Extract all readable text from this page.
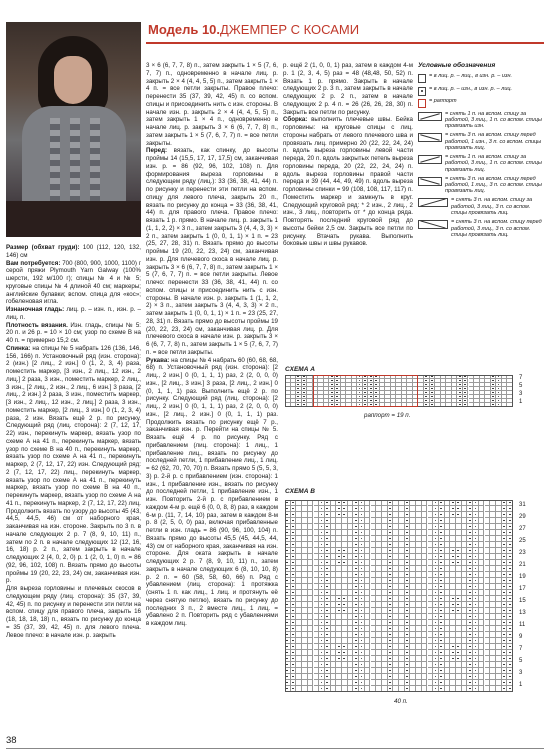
Модель 10. ДЖЕМПЕР С КОСАМИ

Размер (обхват груди): 100 (112, 120, 132, 146) см

Вам потребуется: 700 (800, 900, 1000, 1100) г серой пряжи Plymouth Yarn Galway (100% шерсти, 192 м/100 г); спицы № 4 и № 5; круговые спицы № 4 длиной 40 см; маркеры; английские булавки; вспом. спица для «кос»; гобеленовая игла.

Изнаночная гладь: лиц. р. – изн. п., изн. р. – лиц. п.

Плотность вязания. Изн. гладь, спицы № 5: 20 п. и 26 р. = 10 × 10 см; узор по схеме В на 40 п. = примерно 15,2 см.

Спинка: на спицы № 5 набрать 126 (136, 146, 156, 166) п. Установочный ряд (изн. сторона): 2 (изн.) [2 лиц., 2 изн.] 0 (1, 2, 3, 4) раза, поместить маркер, [3 изн., 2 лиц., 12 изн., 2 лиц.] 2 раза, 3 изн., поместить маркер, 2 лиц., 3 изн., [2 лиц., 2 изн., 2 лиц., 6 изн.] 3 раза, [2 лиц., 2 изн.] 2 раза, 3 изн., поместить маркер, [3 изн., 2 лиц., 12 изн., 2 лиц.] 2 раза, 3 изн., поместить маркер, [2 лиц., 3 изн.] 0 (1, 2, 3, 4) раза, 2 изн. Вязать ещё 2 р. по рисунку. Следующий ряд (лиц. сторона): 2 (7, 12, 17, 22) изн., перекинуть маркер, вязать узор по схеме А на 41 п., перекинуть маркер, вязать узор по схеме В на 40 п., перекинуть маркер, вязать узор по схеме А на 41 п., перекинуть маркер, 2 (7, 12, 17, 22) изн. Следующий ряд: 2 (7, 12, 17, 22) лиц., перекинуть маркер, вязать узор по схеме А на 41 п., перекинуть маркер, вязать узор по схеме В на 40 п., перекинуть маркер, вязать узор по схеме А на 41 п., перекинуть маркер, 2 (7, 12, 17, 22) лиц. Продолжить вязать по узору до высоты 45 (43, 44,5, 44,5, 46) см от наборного края, заканчивая на изн. стороне. Закрыть по 3 п. в начале следующих 2 р. 7 (8, 9, 10, 11) п., затем по 2 п. в начале следующих 12 (12, 16, 16, 18) р. 2 п., затем закрыть в начале следующих 2 (4, 0, 2, 0) р. 1 (2, 0, 1, 0) п. = 86 (92, 96, 102, 108) п. Вязать прямо до высоты проймы 19 (20, 22, 23, 24) см, заканчивая изн. р.

Для выреза горловины и плечевых скосов в следующем ряду (лиц. сторона): 35 (37, 39, 42, 45) п. по рисунку и перенести эти петли на вспом. спицу для правого плеча, закрыть 16 (18, 18, 18, 18) п., вязать по рисунку до конца = 35 (37, 39, 42, 45) п. для левого плеча. Левое плечо: в начале изн. р. закрыть

3 × 6 (6, 7, 7, 8) п., затем закрыть 1 × 5 (7, 6, 7, 7) п., одновременно в начале лиц. р. закрыть 2 × 4 (4, 4, 5, 5) п., затем закрыть 1 × 4 п. = все петли закрыты. Правое плечо: перенести 35 (37, 39, 42, 45) п. со вспом. спицы и присоединить нить с изн. стороны. В начале изн. р. закрыть 2 × 4 (4, 4, 5, 5) п., затем закрыть 1 × 4 п., одновременно в начале лиц. р. закрыть 3 × 6 (6, 7, 7, 8) п., затем закрыть 1 × 5 (7, 6, 7, 7) п. = все петли закрыты.

Перед: вязать, как спинку, до высоты проймы 14 (15,5, 17, 17, 17,5) см, заканчивая изн. р. = 86 (92, 96, 102, 108) п. Для формирования выреза горловины в следующем ряду (лиц.): 33 (36, 38, 41, 44) п. по рисунку и перенести эти петли на вспом. спицу для левого плеча, закрыть 20 п., вязать по рисунку до конца = 33 (36, 38, 41, 44) п. для правого плеча. Правое плечо: вязать 1 р. прямо. В начале лиц. р. закрыть 1 (1, 1, 2, 2) × 3 п., затем закрыть 3 (4, 4, 3, 3) × 2 п., затем закрыть 1 (0, 0, 1, 1) × 1 п. = 23 (25, 27, 28, 31) п. Вязать прямо до высоты проймы 19 (20, 22, 23, 24) см, заканчивая изн. р. Для плечевого скоса в начале лиц. р. закрыть 3 × 6 (6, 7, 7, 8) п., затем закрыть 1 × 5 (7, 6, 7, 7) п. = все петли закрыты. Левое плечо: перенести 33 (36, 38, 41, 44) п. со вспом. спицы и присоединить нить с изн. стороны. В начале изн. р. закрыть 1 (1, 1, 2, 2) × 3 п., затем закрыть 3 (4, 4, 3, 3) × 2 п., затем закрыть 1 (0, 0, 1, 1) × 1 п. = 23 (25, 27, 28, 31) п. Вязать прямо до высоты проймы 19 (20, 22, 23, 24) см, заканчивая лиц. р. Для плечевого скоса в начале изн. р. закрыть 3 × 6 (6, 7, 7, 8) п., затем закрыть 1 × 5 (7, 6, 7, 7) п. = все петли закрыты.

Рукава: на спицы № 4 набрать 60 (60, 68, 68, 68) п. Установочный ряд (изн. сторона): [2 лиц., 2 изн.] 0 (0, 1, 1, 1) раз, 2 (2, 0, 0, 0) изн., [2 лиц., 3 изн.] 3 раза, [2 лиц., 2 изн.] 0 (0, 1, 1, 1) раз. Выполнить ещё 2 р. по рисунку. Следующий ряд (лиц. сторона): [2 лиц., 2 изн.] 0 (0, 1, 1, 1) раз, 2 (2, 0, 0, 0) изн., [2 лиц., 2 изн.] 0 (0, 1, 1, 1) раз. Продолжить вязать по рисунку ещё 7 р., заканчивая изн. р. Перейти на спицы № 5. Вязать ещё 4 р. по рисунку. Ряд с прибавлением (лиц. сторона): 1 лиц., 1 прибавление лиц., вязать по рисунку до последней петли, 1 прибавление лиц., 1 лиц. = 62 (62, 70, 70, 70) п. Вязать прямо 5 (5, 5, 3, 3) р. 2-й р. с прибавлением (изн. сторона): 1 изн., 1 прибавление изн., вязать по рисунку до последней петли, 1 прибавление изн., 1 изн. Повторить 2-й р. с прибавлением в каждом 4-м р. ещё 6 (0, 0, 8, 8) раз, в каждом 6-м р. (11, 7, 14, 10) раз, затем в каждом 8-м р. 8 (2, 5, 0, 0) раз, включая прибавленные петли в изн. гладь = 86 (90, 96, 100, 104) п. Вязать прямо до высоты 45,5 (45, 44,5, 44, 43) см от наборного края, заканчивая на изн. стороне. Для оката закрыть в начале следующих 2 р. 7 (8, 9, 10, 11) п., затем закрыть в начале следующих 6 (8, 10, 10, 8) р. 2 п. = 60 (58, 58, 60, 66) п. Ряд с убавлением (лиц. сторона): 1 протяжка (снять 1 п. как лиц., 1 лиц. и протянуть её через снятую петлю), вязать по рисунку до последних 3 п., 2 вместе лиц., 1 лиц. = убавлено 2 п. Повторить ряд с убавлениями в каждом лиц.

р. ещё 2 (1, 0, 0, 1) раз, затем в каждом 4-м р. 1 (2, 3, 4, 5) раз = 48 (48,48, 50, 52) п. Вязать 1 р. прямо. Закрыть в начале следующих 2 р. 3 п., затем закрыть в начале следующих 2 р. 2 п., затем в начале следующих 2 р. 4 п. = 26 (26, 26, 28, 30) п. Закрыть все петли по рисунку.

Сборка: выполнить плечевые швы. Бейка горловины: на круговые спицы с лиц. стороны набрать от левого плечевого шва и провязать лиц. примерно 20 (22, 22, 24, 24) п. вдоль выреза горловины левой части переда, 20 п. вдоль закрытых петель выреза горловины переда, 20 (22, 22, 24, 24) п. вдоль выреза горловины правой части переда и 39 (44, 44, 49, 49) п. вдоль выреза горловины спинки = 99 (108, 108, 117, 117) п. Поместить маркер и замкнуть в круг. Следующий круговой ряд: * 2 изн., 2 лиц., 2 изн., 3 лиц., повторить от * до конца ряда. Повторять последний круговой ряд до высоты бейки 2,5 см. Закрыть все петли по рисунку. Втачать рукава. Выполнить боковые швы и швы рукавов.

Условные обозначения
= в лиц. р. – лиц., в изн. р. – изн.
= в лиц. р. – изн., в изн. р. – лиц.
= раппорт
= снять 1 п. на вспом. спицу за работой, 3 лиц., 1 п. со вспом. спицы провязать изн.
= снять 3 п. на вспом. спицу перед работой, 1 изн., 3 п. со вспом. спицы провязать лиц.
= снять 1 п. на вспом. спицу за работой, 3 лиц., 1 п. со вспом. спицы провязать лиц.
= снять 3 п. на вспом. спицу перед работой, 1 лиц., 3 п. со вспом. спицы провязать лиц.
= снять 3 п. на вспом. спицу за работой, 3 лиц., 3 п. со вспом. спицы провязать лиц.
= снять 3 п. на вспом. спицу перед работой, 3 лиц., 3 п. со вспом. спицы провязать лиц.
СХЕМА А
7
5
3
1
раппорт = 19 п.
СХЕМА В
31
29
27
25
23
21
19
17
15
13
11
9
7
5
3
1
40 п.
38
